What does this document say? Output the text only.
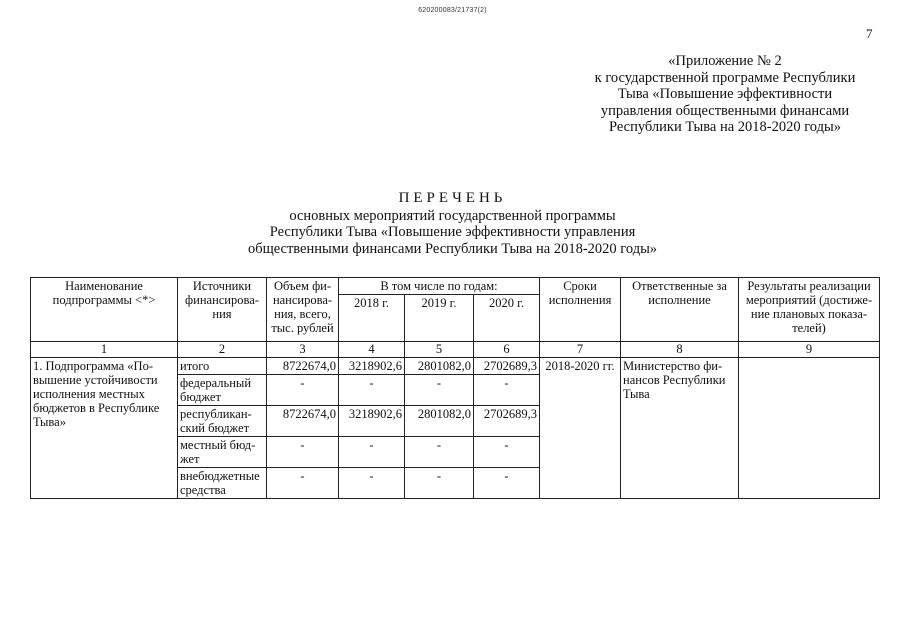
620200083/21737(2)
7
«Приложение № 2
к государственной программе Республики
Тыва «Повышение эффективности
управления общественными финансами
Республики Тыва на 2018-2020 годы»
ПЕРЕЧЕНЬ
основных мероприятий государственной программы
Республики Тыва «Повышение эффективности управления
общественными финансами Республики Тыва на 2018-2020 годы»
Наименование подпрограммы <*>	Источники финансирова-ния	Объем фи-нансирова-ния, всего, тыс. рублей	В том числе по годам:			Сроки исполнения	Ответственные за исполнение	Результаты реализации мероприятий (достиже-ние плановых показа-телей)
			2018 г.	2019 г.	2020 г.			
1	2	3	4	5	6	7	8	9
1. Подпрограмма «По-вышение устойчивости исполнения местных бюджетов в Республике Тыва»	итого	8722674,0	3218902,6	2801082,0	2702689,3	2018-2020 гг.	Министерство фи-нансов Республики Тыва	
	федеральный бюджет	-	-	-	-			
	республикан-ский бюджет	8722674,0	3218902,6	2801082,0	2702689,3			
	местный бюд-жет	-	-	-	-			
	внебюджетные средства	-	-	-	-			
